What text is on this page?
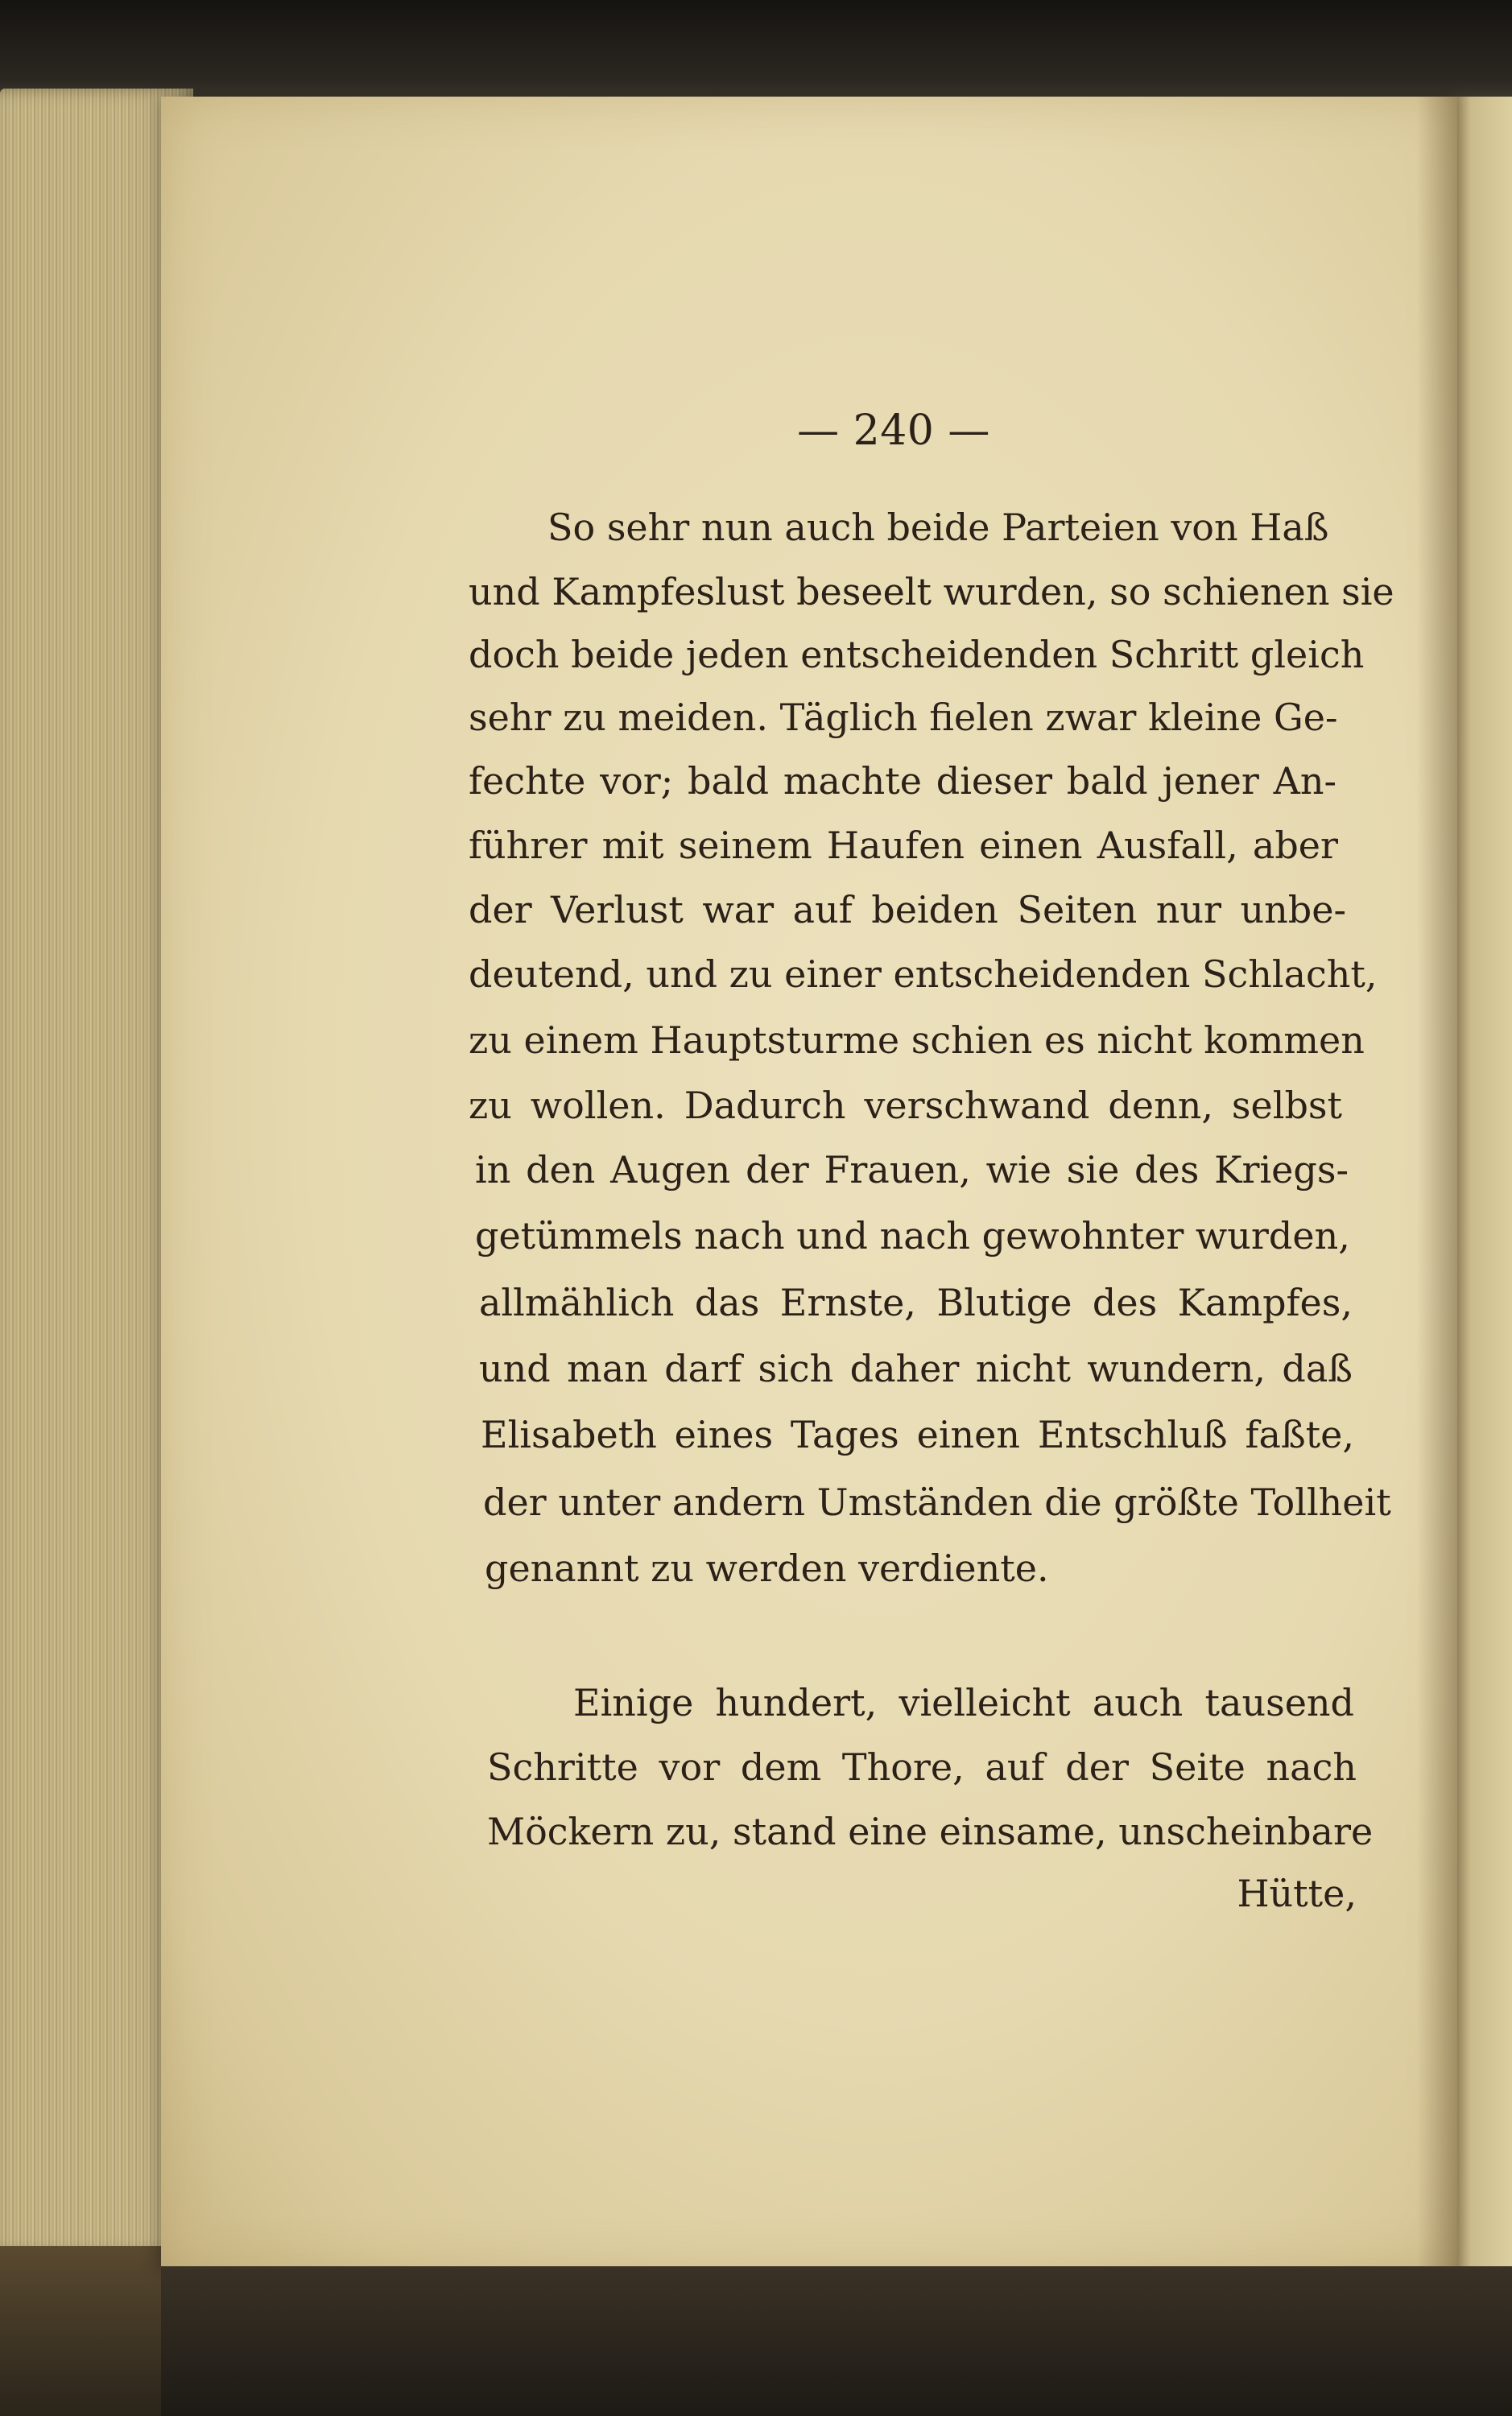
— 240 —
So sehr nun auch beide Parteien von Haß
und Kampfeslust beseelt wurden, so schienen sie
doch beide jeden entscheidenden Schritt gleich
sehr zu meiden. Täglich fielen zwar kleine Ge-
fechte vor; bald machte dieser bald jener An-
führer mit seinem Haufen einen Ausfall, aber
der Verlust war auf beiden Seiten nur unbe-
deutend, und zu einer entscheidenden Schlacht,
zu einem Hauptsturme schien es nicht kommen
zu wollen. Dadurch verschwand denn, selbst
in den Augen der Frauen, wie sie des Kriegs-
getümmels nach und nach gewohnter wurden,
allmählich das Ernste, Blutige des Kampfes,
und man darf sich daher nicht wundern, daß
Elisabeth eines Tages einen Entschluß faßte,
der unter andern Umständen die größte Tollheit
genannt zu werden verdiente.
Einige hundert, vielleicht auch tausend
Schritte vor dem Thore, auf der Seite nach
Möckern zu, stand eine einsame, unscheinbare
Hütte,
